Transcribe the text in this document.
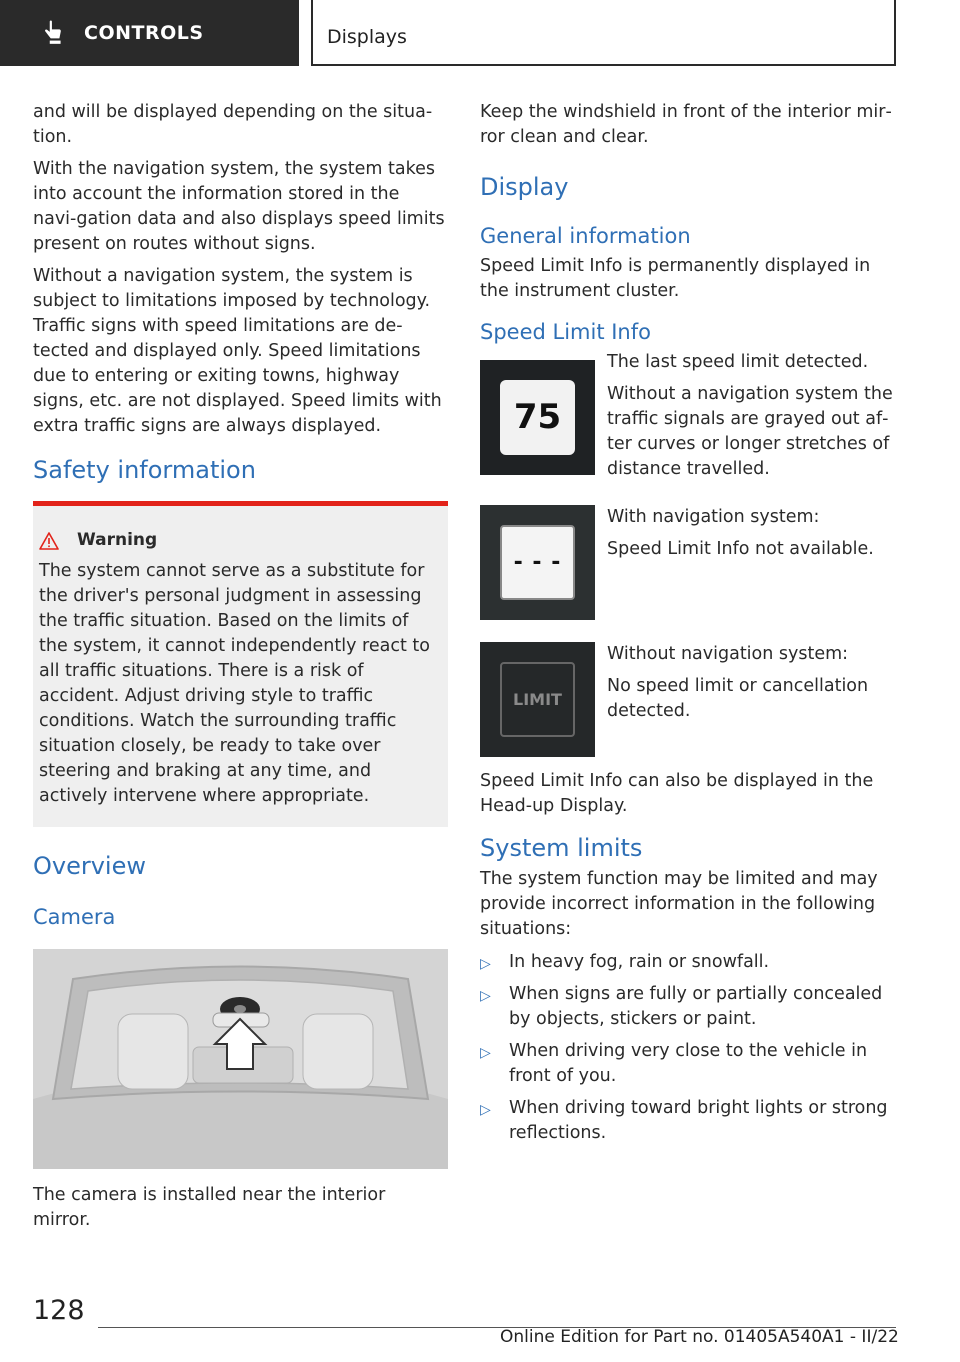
CONTROLS	Displays

and will be displayed depending on the situa‐tion.

With the navigation system, the system takes into account the information stored in the navi‐gation data and also displays speed limits present on routes without signs.

Without a navigation system, the system is subject to limitations imposed by technology. Traffic signs with speed limitations are de‐tected and displayed only. Speed limitations due to entering or exiting towns, highway signs, etc. are not displayed. Speed limits with extra traffic signs are always displayed.

Safety information
Warning

The system cannot serve as a substitute for the driver's personal judgment in assessing the traffic situation. Based on the limits of the system, it cannot independently react to all traffic situations. There is a risk of accident. Adjust driving style to traffic conditions. Watch the surrounding traffic situation closely, be ready to take over steering and braking at any time, and actively intervene where appropriate.

Overview
Camera

The camera is installed near the interior mirror.

Keep the windshield in front of the interior mir‐ror clean and clear.

Display
General information

Speed Limit Info is permanently displayed in the instrument cluster.

Speed Limit Info
75

The last speed limit detected.

Without a navigation system the traffic signals are grayed out af‐ter curves or longer stretches of distance travelled.

- - -

With navigation system:

Speed Limit Info not available.

LIMIT

Without navigation system:

No speed limit or cancellation detected.

Speed Limit Info can also be displayed in the Head-up Display.

System limits

The system function may be limited and may provide incorrect information in the following situations:

▷ In heavy fog, rain or snowfall.
▷ When signs are fully or partially concealed by objects, stickers or paint.
▷ When driving very close to the vehicle in front of you.
▷ When driving toward bright lights or strong reflections.
128
Online Edition for Part no. 01405A540A1 - II/22
